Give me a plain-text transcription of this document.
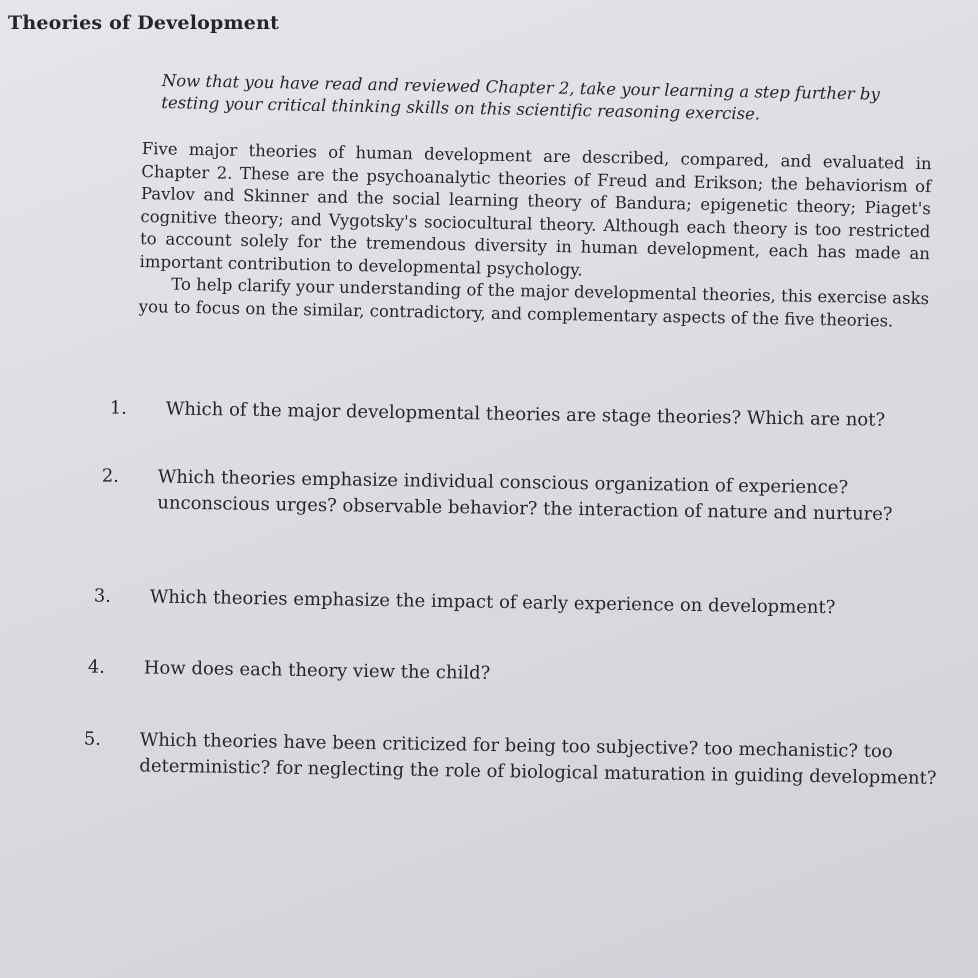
Theories of Development
Now that you have read and reviewed Chapter 2, take your learning a step further by testing your critical thinking skills on this scientific reasoning exercise.

Five major theories of human development are described, compared, and evaluated in Chapter 2. These are the psychoanalytic theories of Freud and Erikson; the behaviorism of Pavlov and Skinner and the social learning theory of Bandura; epigenetic theory; Piaget's cognitive theory; and Vygotsky's sociocultural theory. Although each theory is too restricted to account solely for the tremendous diversity in human development, each has made an important contribution to developmental psychology.

To help clarify your understanding of the major developmental theories, this exercise asks you to focus on the similar, contradictory, and complementary aspects of the five theories.

1. Which of the major developmental theories are stage theories? Which are not?
2. Which theories emphasize individual conscious organization of experience? unconscious urges? observable behavior? the interaction of nature and nurture?
3. Which theories emphasize the impact of early experience on development?
4. How does each theory view the child?
5. Which theories have been criticized for being too subjective? too mechanistic? too deterministic? for neglecting the role of biological maturation in guiding development?
